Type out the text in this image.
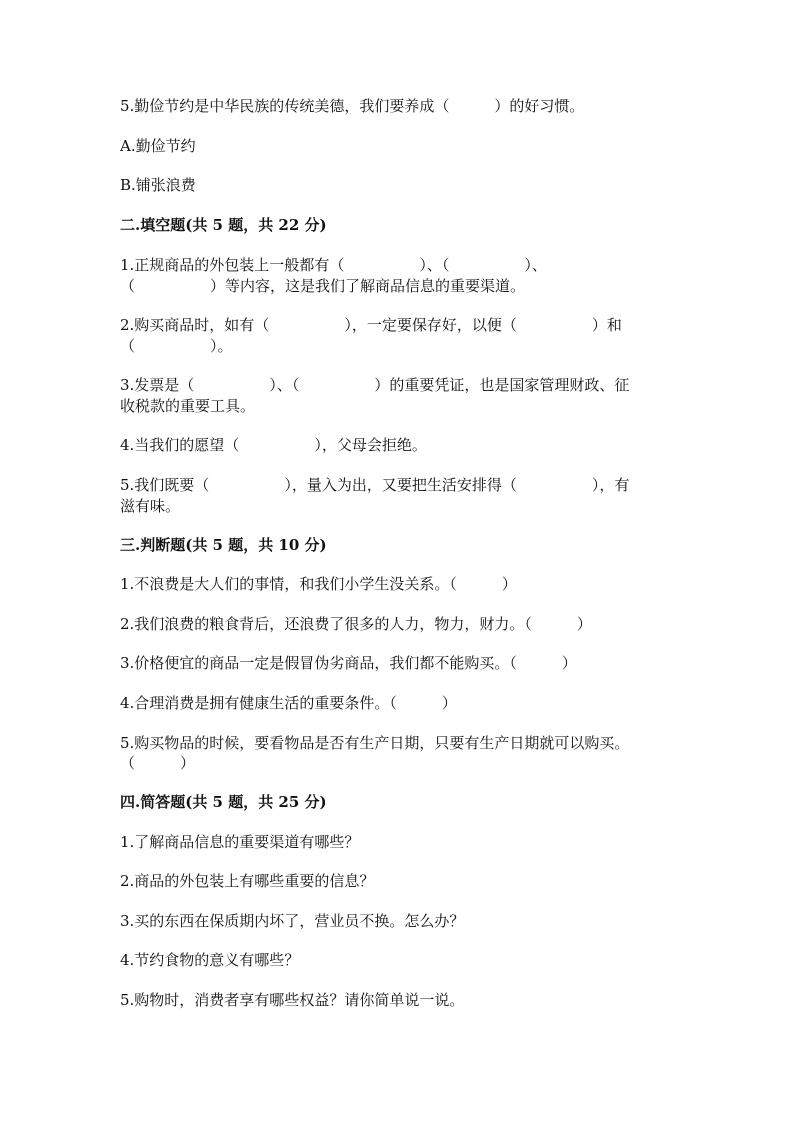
5.勤俭节约是中华民族的传统美德，我们要养成（　　　）的好习惯。
A.勤俭节约
B.铺张浪费
二.填空题(共 5 题，共 22 分)
1.正规商品的外包装上一般都有（　　　　　）、（　　　　　）、
（　　　　　）等内容，这是我们了解商品信息的重要渠道。
2.购买商品时，如有（　　　　　），一定要保存好，以便（　　　　　）和
（　　　　　）。
3.发票是（　　　　　）、（　　　　　）的重要凭证，也是国家管理财政、征
收税款的重要工具。
4.当我们的愿望（　　　　　），父母会拒绝。
5.我们既要（　　　　　），量入为出，又要把生活安排得（　　　　　），有
滋有味。
三.判断题(共 5 题，共 10 分)
1.不浪费是大人们的事情，和我们小学生没关系。（　　　）
2.我们浪费的粮食背后，还浪费了很多的人力，物力，财力。（　　　）
3.价格便宜的商品一定是假冒伪劣商品，我们都不能购买。（　　　）
4.合理消费是拥有健康生活的重要条件。（　　　）
5.购买物品的时候，要看物品是否有生产日期，只要有生产日期就可以购买。
（　　　）
四.简答题(共 5 题，共 25 分)
1.了解商品信息的重要渠道有哪些？
2.商品的外包装上有哪些重要的信息？
3.买的东西在保质期内坏了，营业员不换。怎么办？
4.节约食物的意义有哪些？
5.购物时，消费者享有哪些权益？请你简单说一说。
